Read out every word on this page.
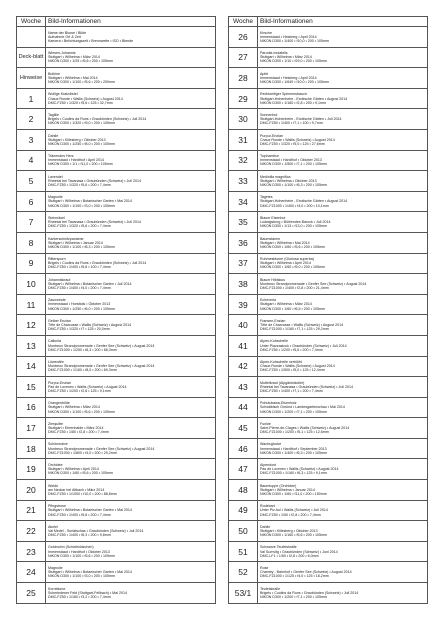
Woche	Bild-Informationen

	Name der Blume / Blüte
Aufnahme Ort & Zeit
Kamera • Belichtungszeit • Brennweite • ISO • Blende

Deck-blatt	Wiesen-Johannis
Stuttgart • Wilhelma • März 2014
NIKON D300 • 1/25 • f5,6 • 200 • 105mm

Hinweise	Bulbine
Stuttgart • Wilhelma • Mai 2014
NIKON D300 • 1/100 • f5,6 • 200 • 200mm

1	Wollige Kratzdistel
Chaux Ronde • Wallis (Schweiz) • August 2014
DMC-FZ50 • 1/320 • f5,6 • 125 • 32,7mm

2	Taglilie
Brigels • Cuolins da Runs • Graubünden (Schweiz) • Juli 2014
NIKON D300 • 1/320 • f9,0 • 200 • 105mm

3	Dahlie
Stuttgart • Killesberg • Oktober 2013
NIKON D300 • 1/250 • f8,0 • 200 • 105mm

4	Tränendes Herz
Immenstaad • Hardthof • April 2014
NIKON D300 • 1/1 • f11,0 • 200 • 105mm

5	Lavendel
Rheintal bei Tavanasa • Graubünden (Schweiz) • Juli 2014
DMC-FZ50 • 1/320 • f5,6 • 200 • 7,4mm

6	Magnolie
Stuttgart • Wilhelma • Botanischer Garten • Mai 2014
NIKON D300 • 1/100 • f3,0 • 200 • 105mm

7	Steinnäsel
Rheintal bei Tavanasa • Graubünden (Schweiz) • Juli 2014
DMC-FZ50 • 1/320 • f5,6 • 200 • 7,4mm

8	Kanterschnitzpaniame
Stuttgart • Wilhelma • Januar 2014
NIKON D300 • 1/100 • f6,3 • 200 • 105mm

9	Rittersporn
Brigels • Cuolins da Runs • Graubünden (Schweiz) • Juli 2014
DMC-FZ50 • 1/400 • f5,6 • 100 • 7,4mm

10	Johanniskraut
Stuttgart • Wilhelma • Botanischer Garten • Juli 2014
DMC-FZ50 • 1/400 • f4,0 • 200 • 7,4mm

11	Zaunwinde
Immenstaad • Horsttols • Oktober 2013
NIKON D300 • 1/250 • f6,0 • 200 • 105mm

12	Gelber Enzian
Tête de Charcusse • Wallis (Schweiz) • August 2014
DMC-FZ50 • 1/320 • f7 • 125 • 20,0mm

13	Callunla
Montreux Strandpromenade • Genfer See (Schweiz) • August 2014
DMC-FZ1000 • 1/250 • f6,3 • 200 • 68,3mm

14	Löwenähr
Montreux Strandpromenade • Genfer See (Schweiz) • August 2014
DMC-FZ1000 • 1/160 • f8,0 • 200 • 69,3mm

15	Purpur-Enzian
Pas de Lovenex • Wallis (Schweiz) • August 2014
DMC-FZ50 • 1/200 • f2,8 • 125 • 9,1mm

16	Orangenblüte
Stuttgart • Wilhelma • März 2014
NIKON D300 • 1/100 • f5,6 • 200 • 105mm

17	Zierquitte
Stuttgart • Ehrenhalde • März 2014
DMC-FZ50 • 1/80 • f2,8 • 200 • 7,4mm

18	Schönmalve
Montreux Strandpromenade • Genfer See (Schweiz) • August 2014
DMC-FZ1000 • 1/800 • f4,0 • 200 • 29,2mm

19	Orchidee
Stuttgart • Wilhelma • April 2014
NIKON D300 • 1/60 • f5,6 • 200 • 105mm

20	Weide
am Neckar bei Altbach • März 2014
DMC-FZ50 • 1/1000 • f10,0 • 200 • 88,8mm

21	Pfingstrose
Stuttgart • Wilhelma • Botanischer Garten • Mai 2014
DMC-FZ50 • 1/400 • f5,6 • 200 • 7,4mm

22	Akelei
Val Medel - Surlatschas • Graubünden (Schweiz) • Juli 2014
DMC-FZ50 • 1/400 • f6,3 • 200 • 9,8mm

23	Goldmohn (Schlafmützchen)
Immenstaad • Hardthof • Oktober 2013
NIKON D300 • 1/100 • f5,6 • 200 • 105mm

24	Magnolie
Stuttgart • Wilhelma • Botanischer Garten • Mai 2014
NIKON D300 • 1/100 • f3,0 • 200 • 105mm

25	Kornblume
Schmiedener Feld (Stuttgart-Fellbach) • Mai 2014
DMC-FZ50 • 1/160 • f3,2 • 200 • 7,4mm
Woche	Bild-Informationen
26	Kirsche
Immenstaad • Heisberg • April 2014
NIKON D300 • 1/400 • f10,0 • 200 • 105mm

27	Parodia mutabilis
Stuttgart • Wilhelma • März 2014
NIKON D300 • 1/10 • f29,0 • 200 • 105mm

28	Apfel
Immenstaad • Heisberg • April 2014
NIKON D300 • 1/640 • f10,0 • 200 • 105mm

29	Rechtzeitiger Spinnenstrauch
Stuttgart-Hohenheim - Exotische Gärten • August 2014
NIKON D300 • 1/160 • f2,8 • 200 • 9,1mm

30	Sonnenhut
Stuttgart-Hohenheim - Exotische Gärten • Juli 2014
DMC-FZ50 • 1/400 • f7,1 • 100 • 9,7mm

31	Purpur-Enzian
Chaux Ronde • Wallis (Schweiz) • August 2014
DMC-FZ50 • 1/320 • f5,0 • 125 • 27,6mm

32	Topinambur
Immenstaad • Hardthof • Oktober 2013
NIKON D300 • 1/500 • f7,1 • 200 • 105mm

33	Medinilla magnifica
Stuttgart • Wilhelma • Oktober 2013
NIKON D300 • 1/100 • f6,3 • 200 • 105mm

34	Tagetes
Stuttgart-Hohenheim - Exotische Gärten • August 2014
DMC-FZ1000 • 1/400 • f4,0 • 200 • 10,1mm

35	Blauer Eisenhut
Ludwigsburg • Blühendes Barock • Juli 2014
NIKON D300 • 1/13 • f13,0 • 200 • 105mm

36	Baumstamm
Stuttgart • Wilhelma • Mai 2014
NIKON D300 • 1/60 • f5,6 • 200 • 105mm

37	Ruhmesblume (Gloriosa superba)
Stuttgart • Wilhelma • April 2014
NIKON D300 • 1/60 • f5,0 • 200 • 105mm

38	Blauer Hibiskus
Montreux Strandpromenade • Genfer See (Schweiz) • August 2014
DMC-FZ1000 • 1/400 • f2,8 • 200 • 21,4mm

39	Echeveria
Stuttgart • Wilhelma • März 2014
NIKON D300 • 1/60 • f6,5 • 200 • 105mm

40	Fransen-Enzian
Tête de Charcusse • Wallis (Schweiz) • August 2014
DMC-FZ1000 • 1/160 • f7,1 • 125 • 29,2mm

41	Alpen-Kuhschelle
Unter Piazzastock • Graubünden (Schweiz) • Juli 2014
DMC-FZ50 • 1/200 • f5,6 • 200 • 7,4mm

42	Alpen-Kuhschelle verblüht
Chaux Ronde • Wallis (Schweiz) • August 2014
DMC-FZ50 • 1/500 • f5,0 • 125 • 12,4mm

43	Muttelkraut (Alpgänkräutler)
Rheintal bei Tavanasa • Graubünden (Schweiz) • Juli 2014
DMC-FZ50 • 1/400 • f7,1 • 200 • 7,4mm

44	Pohutukawa-Eisenholz
Schwäbisch Gmünd • Landesgartenschau • Mai 2014
NIKON D300 • 1/200 • f7,1 • 200 • 105mm

45	Funkie
Saint-Pierre-de-Clages • Wallis (Schweiz) • August 2014
DMC-FZ1000 • 1/200 • f5,1 • 125 • 12,6mm

46	Wachsglocke
Immenstaad • Hardthof • September 2013
NIKON D300 • 1/400 • f6,3 • 200 • 105mm

47	Alpendost
Pas de Lovenex • Wallis (Schweiz) • August 2014
DMC-FZ1000 • 1/160 • f6,3 • 125 • 9,1mm

48	Baumtoppe (Orchidee)
Stuttgart • Wilhelma • Januar 2014
NIKON D300 • 1/60 • f11,0 • 200 • 150mm

49	Rodebart
Unter Piz Aul • Wallis (Schweiz) • Juli 2014
DMC-FZ50 • 1/50 • f2,8 • 200 • 7,4mm

50	Dahlie
Stuttgart • Killesberg • Oktober 2013
NIKON D300 • 1/160 • f5,6 • 200 • 105mm

51	Schwarze Teufelskralle
Val Sumvitg • Graubünden (Schweiz) • Juni 2014
DMC-LF1 • 1/50 • f2,8 • 200 • 6,0mm

52	Rose
Chamby - Bahnhof • Genfer See (Schweiz) • August 2014
DMC-FZ1000 • 1/125 • f4,0 • 125 • 18,2mm

53/1	Teufelskralle
Brigels • Cuolins da Runs • Graubünden (Schweiz) • Juli 2014
NIKON D300 • 1/200 • f7,1 • 200 • 105mm
